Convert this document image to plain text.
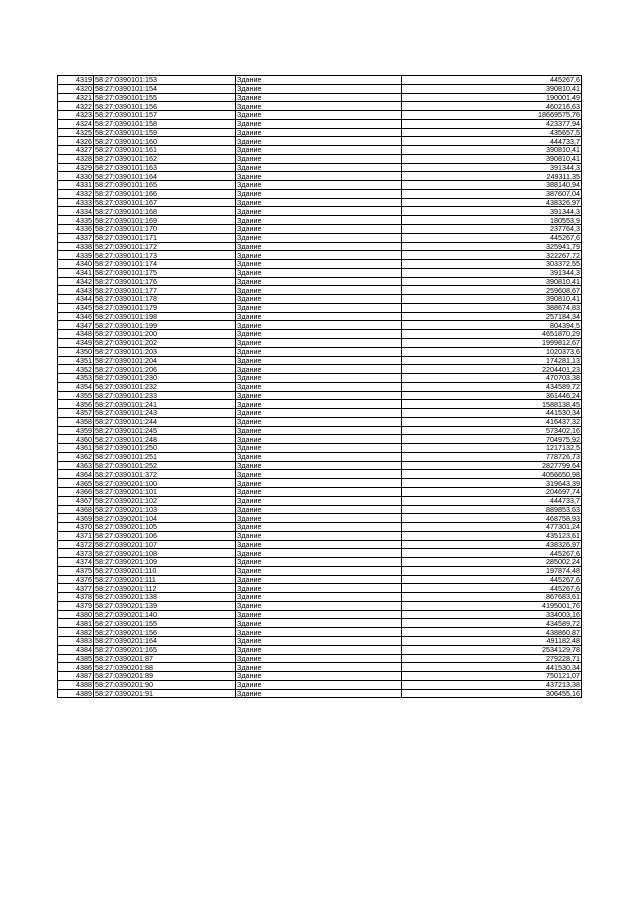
4319	58:27:0390101:153	Здание	445267,6
4320	58:27:0390101:154	Здание	390810,41
4321	58:27:0390101:155	Здание	190001,49
4322	58:27:0390101:156	Здание	460216,63
4323	58:27:0390101:157	Здание	18669575,76
4324	58:27:0390101:158	Здание	423377,94
4325	58:27:0390101:159	Здание	435657,5
4326	58:27:0390101:160	Здание	444733,7
4327	58:27:0390101:161	Здание	390810,41
4328	58:27:0390101:162	Здание	390810,41
4329	58:27:0390101:163	Здание	391344,3
4330	58:27:0390101:164	Здание	249311,35
4331	58:27:0390101:165	Здание	388140,94
4332	58:27:0390101:166	Здание	387607,04
4333	58:27:0390101:167	Здание	438326,97
4334	58:27:0390101:168	Здание	391344,3
4335	58:27:0390101:169	Здание	180553,9
4336	58:27:0390101:170	Здание	237764,3
4337	58:27:0390101:171	Здание	445267,6
4338	58:27:0390101:172	Здание	325941,79
4339	58:27:0390101:173	Здание	322267,72
4340	58:27:0390101:174	Здание	303372,55
4341	58:27:0390101:175	Здание	391344,3
4342	58:27:0390101:176	Здание	390810,41
4343	58:27:0390101:177	Здание	259608,67
4344	58:27:0390101:178	Здание	390810,41
4345	58:27:0390101:179	Здание	388674,83
4346	58:27:0390101:198	Здание	257184,34
4347	58:27:0390101:199	Здание	804394,5
4348	58:27:0390101:200	Здание	4651870,29
4349	58:27:0390101:202	Здание	1999812,67
4350	58:27:0390101:203	Здание	1020373,6
4351	58:27:0390101:204	Здание	174281,13
4352	58:27:0390101:206	Здание	2204401,23
4353	58:27:0390101:230	Здание	470703,38
4354	58:27:0390101:232	Здание	434589,72
4355	58:27:0390101:233	Здание	361446,24
4356	58:27:0390101:241	Здание	1588138,45
4357	58:27:0390101:243	Здание	441530,34
4358	58:27:0390101:244	Здание	416437,32
4359	58:27:0390101:245	Здание	573402,16
4360	58:27:0390101:248	Здание	704975,92
4361	58:27:0390101:250	Здание	1217132,5
4362	58:27:0390101:251	Здание	778726,73
4363	58:27:0390101:252	Здание	2827799,64
4364	58:27:0390101:372	Здание	4056650,98
4365	58:27:0390201:100	Здание	319643,39
4366	58:27:0390201:101	Здание	204697,74
4367	58:27:0390201:102	Здание	444733,7
4368	58:27:0390201:103	Здание	889853,63
4369	58:27:0390201:104	Здание	468758,93
4370	58:27:0390201:105	Здание	477301,24
4371	58:27:0390201:106	Здание	435123,61
4372	58:27:0390201:107	Здание	438326,97
4373	58:27:0390201:108	Здание	445267,6
4374	58:27:0390201:109	Здание	285002,24
4375	58:27:0390201:110	Здание	197874,48
4376	58:27:0390201:111	Здание	445267,6
4377	58:27:0390201:112	Здание	445267,6
4378	58:27:0390201:138	Здание	867683,61
4379	58:27:0390201:139	Здание	4195001,76
4380	58:27:0390201:140	Здание	334003,16
4381	58:27:0390201:155	Здание	434589,72
4382	58:27:0390201:156	Здание	438860,87
4383	58:27:0390201:164	Здание	491182,48
4384	58:27:0390201:165	Здание	2534129,78
4385	58:27:0390201:87	Здание	279228,71
4386	58:27:0390201:88	Здание	441530,34
4387	58:27:0390201:89	Здание	750121,07
4388	58:27:0390201:90	Здание	437213,38
4389	58:27:0390201:91	Здание	306455,16
